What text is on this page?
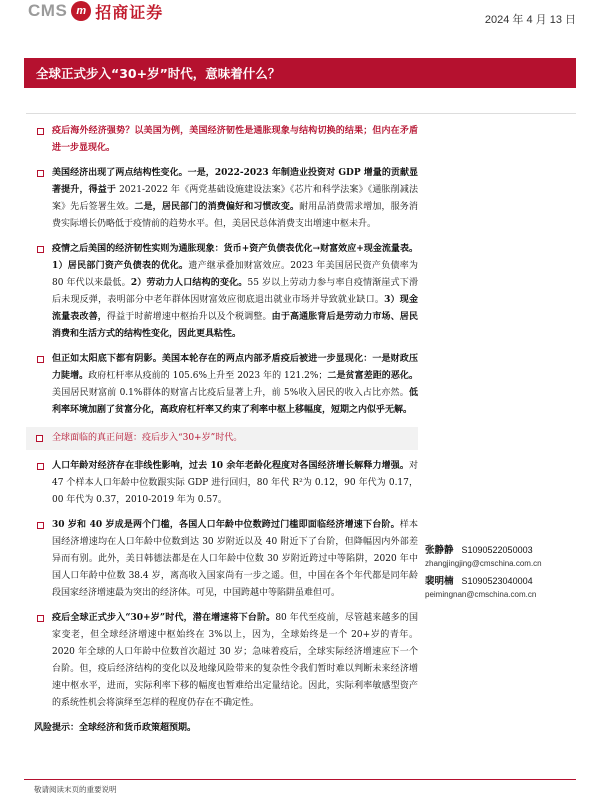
CMS m 招商证券	2024 年 4 月 13 日
全球正式步入“30+岁”时代，意味着什么？
疫后海外经济强势？以美国为例，美国经济韧性是通胀现象与结构切换的结果；但内在矛盾进一步显现化。
美国经济出现了两点结构性变化。一是，2022-2023 年制造业投资对 GDP 增量的贡献显著提升，得益于 2021-2022 年《两党基础设施建设法案》《芯片和科学法案》《通胀削减法案》先后签署生效。二是，居民部门的消费偏好和习惯改变。耐用品消费需求增加，服务消费实际增长仍略低于疫情前的趋势水平。但，美居民总体消费支出增速中枢未升。
疫情之后美国的经济韧性实则为通胀现象：货币+资产负债表优化→财富效应+现金流量表。1）居民部门资产负债表的优化。遗产继承叠加财富效应。2023 年美国居民资产负债率为 80 年代以来最低。2）劳动力人口结构的变化。55 岁以上劳动力参与率自疫情渐崖式下滑后未现反弹，表明部分中老年群体因财富效应彻底退出就业市场并导致就业缺口。3）现金流量表改善，得益于时薪增速中枢抬升以及个税调整。由于高通胀背后是劳动力市场、居民消费和生活方式的结构性变化，因此更具粘性。
但正如太阳底下都有阴影。美国本轮存在的两点内部矛盾疫后被进一步显现化：一是财政压力陡增。政府杠杆率从疫前的 105.6%上升至 2023 年的 121.2%；二是贫富差距的恶化。美国居民财富前 0.1%群体的财富占比疫后显著上升，前 5%收入居民的收入占比亦然。低利率环境加剧了贫富分化，高政府杠杆率又约束了利率中枢上移幅度，短期之内似乎无解。
全球面临的真正问题：疫后步入“30+岁”时代。
人口年龄对经济存在非线性影响，过去 10 余年老龄化程度对各国经济增长解释力增强。对 47 个样本人口年龄中位数跟实际 GDP 进行回归，80 年代 R²为 0.12，90 年代为 0.17，00 年代为 0.37，2010-2019 年为 0.57。
30 岁和 40 岁成是两个门槛，各国人口年龄中位数跨过门槛即面临经济增速下台阶。样本国经济增速均在人口年龄中位数到达 30 岁附近以及 40 附近下了台阶，但降幅因内外部差异而有别。此外，美日韩德法都是在人口年龄中位数 30 岁附近跨过中等陷阱，2020 年中国人口年龄中位数 38.4 岁，离高收入国家尚有一步之遥。但，中国在各个年代都是同年龄段国家经济增速最为突出的经济体。可见，中国跨越中等陷阱虽难但可。
疫后全球正式步入“30+岁”时代，潜在增速将下台阶。80 年代至疫前，尽管越来越多的国家变老，但全球经济增速中枢始终在 3%以上，因为，全球始终是一个 20+岁的青年。2020 年全球的人口年龄中位数首次超过 30 岁；急味着疫后，全球实际经济增速应下一个台阶。但，疫后经济结构的变化以及地缘风险带来的复杂性令我们暂时难以判断未来经济增速中枢水平，进而，实际利率下移的幅度也暂难给出定量结论。因此，实际利率敏感型资产的系统性机会将演绎至怎样的程度仍存在不确定性。
风险提示：全球经济和货币政策超预期。
张静静 S1090522050003
zhangjingjing@cmschina.com.cn
裴明楠 S1090523040004
peimingnan@cmschina.com.cn
敬请阅读末页的重要说明
